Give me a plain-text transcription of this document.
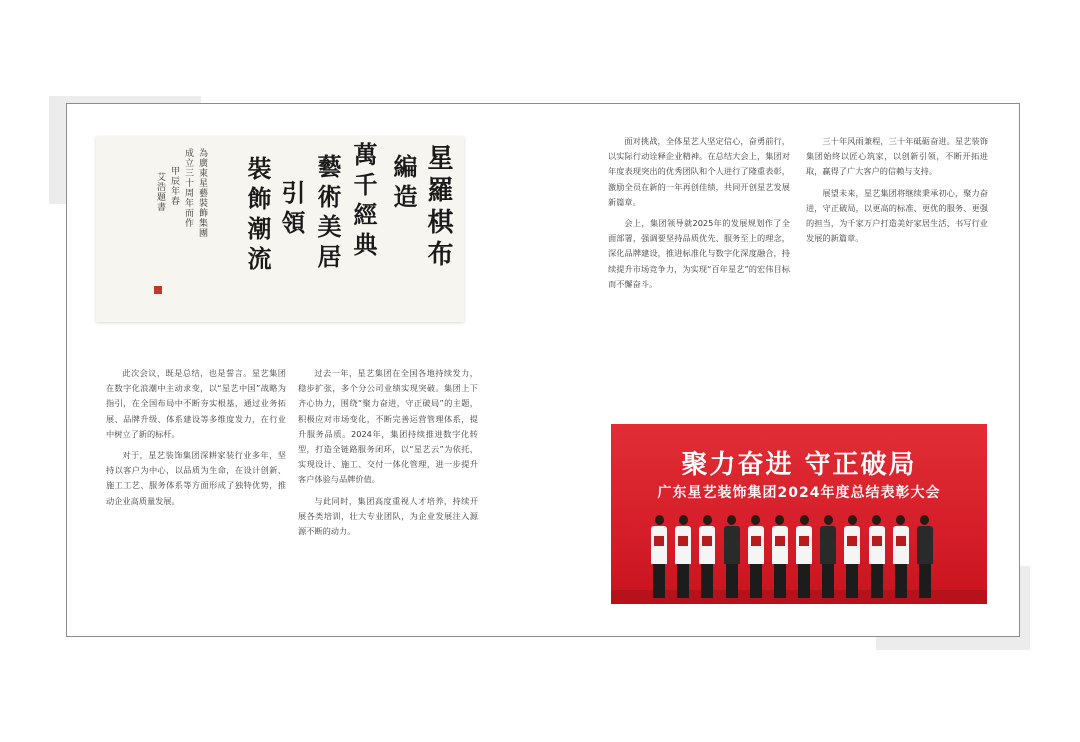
星羅棋布
編造
萬千經典
藝術美居
引領
裝飾潮流
為廣東星藝裝飾集團
成立三十周年而作
甲辰年春
艾浩題書

此次会议，既是总结，也是誓言。星艺集团在数字化浪潮中主动求变，以“星艺中国”战略为指引，在全国布局中不断夯实根基，通过业务拓展、品牌升级、体系建设等多维度发力，在行业中树立了新的标杆。

对于，星艺装饰集团深耕家装行业多年，坚持以客户为中心，以品质为生命，在设计创新、施工工艺、服务体系等方面形成了独特优势，推动企业高质量发展。

过去一年，星艺集团在全国各地持续发力，稳步扩张，多个分公司业绩实现突破。集团上下齐心协力，围绕“聚力奋进，守正破局”的主题，积极应对市场变化，不断完善运营管理体系，提升服务品质。2024年，集团持续推进数字化转型，打造全链路服务闭环，以“星艺云”为依托，实现设计、施工、交付一体化管理，进一步提升客户体验与品牌价值。

与此同时，集团高度重视人才培养，持续开展各类培训，壮大专业团队，为企业发展注入源源不断的动力。

面对挑战，全体星艺人坚定信心，奋勇前行，以实际行动诠释企业精神。在总结大会上，集团对年度表现突出的优秀团队和个人进行了隆重表彰，激励全员在新的一年再创佳绩，共同开创星艺发展新篇章。

会上，集团领导就2025年的发展规划作了全面部署，强调要坚持品质优先、服务至上的理念，深化品牌建设，推进标准化与数字化深度融合，持续提升市场竞争力，为实现“百年星艺”的宏伟目标而不懈奋斗。

三十年风雨兼程，三十年砥砺奋进。星艺装饰集团始终以匠心筑家，以创新引领，不断开拓进取，赢得了广大客户的信赖与支持。

展望未来，星艺集团将继续秉承初心，聚力奋进，守正破局，以更高的标准、更优的服务、更强的担当，为千家万户打造美好家居生活，书写行业发展的新篇章。

聚力奋进 守正破局
广东星艺装饰集团2024年度总结表彰大会
